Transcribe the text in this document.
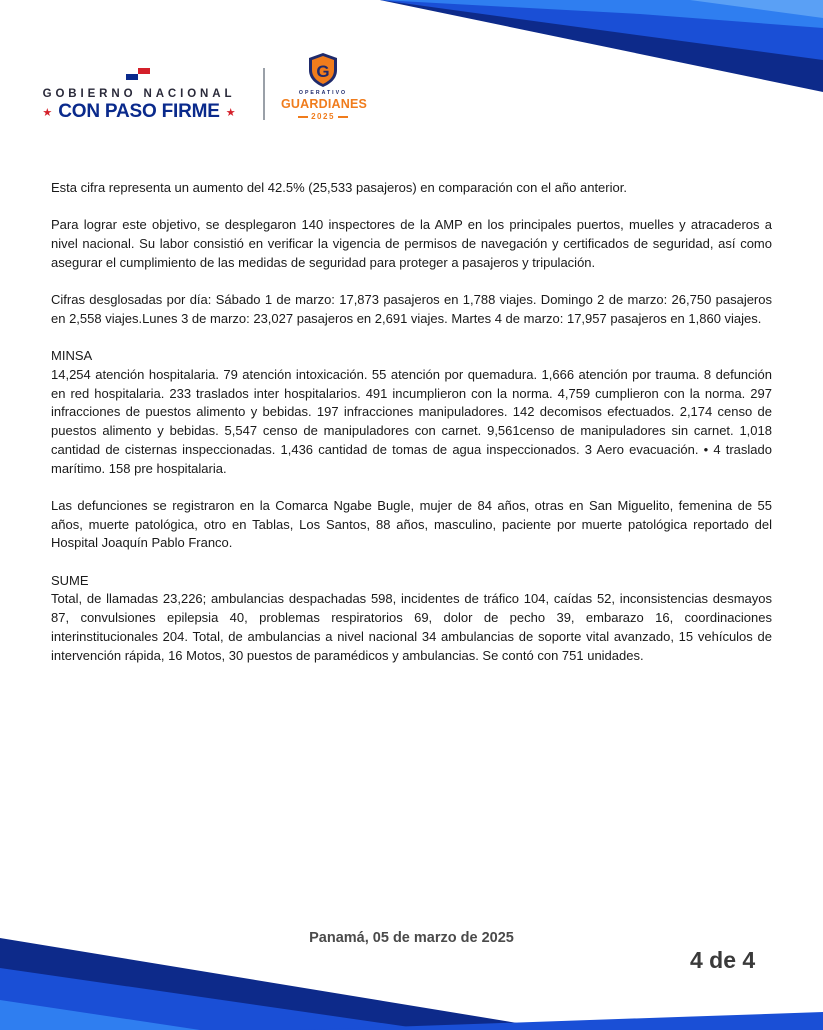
GOBIERNO NACIONAL
★ CON PASO FIRME ★
G
OPERATIVO
GUARDIANES
2025

Esta cifra representa un aumento del 42.5% (25,533 pasajeros) en comparación con el año anterior.

Para lograr este objetivo, se desplegaron 140 inspectores de la AMP en los principales puertos, muelles y atracaderos a nivel nacional. Su labor consistió en verificar la vigencia de permisos de navegación y certificados de seguridad, así como asegurar el cumplimiento de las medidas de seguridad para proteger a pasajeros y tripulación.

Cifras desglosadas por día: Sábado 1 de marzo: 17,873 pasajeros en 1,788 viajes. Domingo 2 de marzo: 26,750 pasajeros en 2,558 viajes.Lunes 3 de marzo: 23,027 pasajeros en 2,691 viajes. Martes 4 de marzo: 17,957 pasajeros en 1,860 viajes.

MINSA

14,254 atención hospitalaria. 79 atención intoxicación. 55 atención por quemadura. 1,666 atención por trauma. 8 defunción en red hospitalaria. 233 traslados inter hospitalarios. 491 incumplieron con la norma. 4,759 cumplieron con la norma. 297 infracciones de puestos alimento y bebidas. 197 infracciones manipuladores. 142 decomisos efectuados. 2,174 censo de puestos alimento y bebidas. 5,547 censo de manipuladores con carnet. 9,561censo de manipuladores sin carnet. 1,018 cantidad de cisternas inspeccionadas. 1,436 cantidad de tomas de agua inspeccionados. 3 Aero evacuación. • 4 traslado marítimo. 158 pre hospitalaria.

Las defunciones se registraron en la Comarca Ngabe Bugle, mujer de 84 años, otras en San Miguelito, femenina de 55 años, muerte patológica, otro en Tablas, Los Santos, 88 años, masculino, paciente por muerte patológica reportado del Hospital Joaquín Pablo Franco.

SUME

Total, de llamadas 23,226; ambulancias despachadas 598, incidentes de tráfico 104, caídas 52, inconsistencias desmayos 87, convulsiones epilepsia 40, problemas respiratorios 69, dolor de pecho 39, embarazo 16, coordinaciones interinstitucionales 204. Total, de ambulancias a nivel nacional 34 ambulancias de soporte vital avanzado, 15 vehículos de intervención rápida, 16 Motos, 30 puestos de paramédicos y ambulancias. Se contó con 751 unidades.

Panamá, 05 de marzo de 2025
4 de 4
